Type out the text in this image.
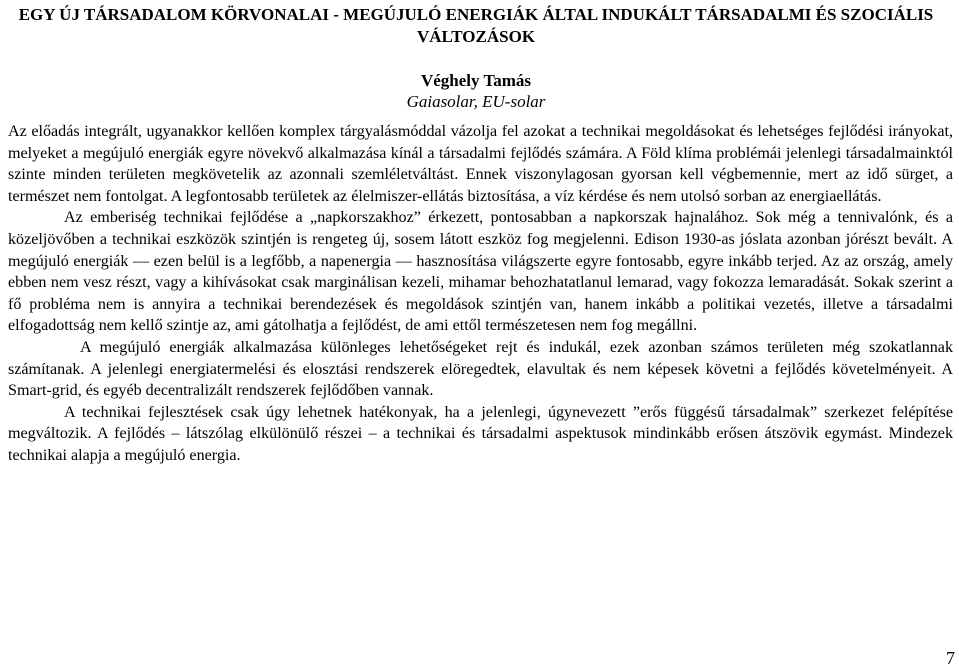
EGY ÚJ TÁRSADALOM KÖRVONALAI - MEGÚJULÓ ENERGIÁK ÁLTAL INDUKÁLT TÁRSADALMI ÉS SZOCIÁLIS VÁLTOZÁSOK
Véghely Tamás
Gaiasolar, EU-solar

Az előadás integrált, ugyanakkor kellően komplex tárgyalásmóddal vázolja fel azokat a technikai megoldásokat és lehetséges fejlődési irányokat, melyeket a megújuló energiák egyre növekvő alkalmazása kínál a társadalmi fejlődés számára. A Föld klíma problémái jelenlegi társadalmainktól szinte minden területen megkövetelik az azonnali szemléletváltást. Ennek viszonylagosan gyorsan kell végbemennie, mert az idő sürget, a természet nem fontolgat. A legfontosabb területek az élelmiszer-ellátás biztosítása, a víz kérdése és nem utolsó sorban az energiaellátás.

Az emberiség technikai fejlődése a „napkorszakhoz” érkezett, pontosabban a napkorszak hajnalához. Sok még a tennivalónk, és a közeljövőben a technikai eszközök szintjén is rengeteg új, sosem látott eszköz fog megjelenni. Edison 1930-as jóslata azonban jórészt bevált. A megújuló energiák — ezen belül is a legfőbb, a napenergia — hasznosítása világszerte egyre fontosabb, egyre inkább terjed. Az az ország, amely ebben nem vesz részt, vagy a kihívásokat csak marginálisan kezeli, mihamar behozhatatlanul lemarad, vagy fokozza lemaradását. Sokak szerint a fő probléma nem is annyira a technikai berendezések és megoldások szintjén van, hanem inkább a politikai vezetés, illetve a társadalmi elfogadottság nem kellő szintje az, ami gátolhatja a fejlődést, de ami ettől természetesen nem fog megállni.

A megújuló energiák alkalmazása különleges lehetőségeket rejt és indukál, ezek azonban számos területen még szokatlannak számítanak. A jelenlegi energiatermelési és elosztási rendszerek elöregedtek, elavultak és nem képesek követni a fejlődés követelményeit. A Smart-grid, és egyéb decentralizált rendszerek fejlődőben vannak.

A technikai fejlesztések csak úgy lehetnek hatékonyak, ha a jelenlegi, úgynevezett ”erős függésű társadalmak” szerkezet felépítése megváltozik. A fejlődés – látszólag elkülönülő részei – a technikai és társadalmi aspektusok mindinkább erősen átszövik egymást. Mindezek technikai alapja a megújuló energia.

7
